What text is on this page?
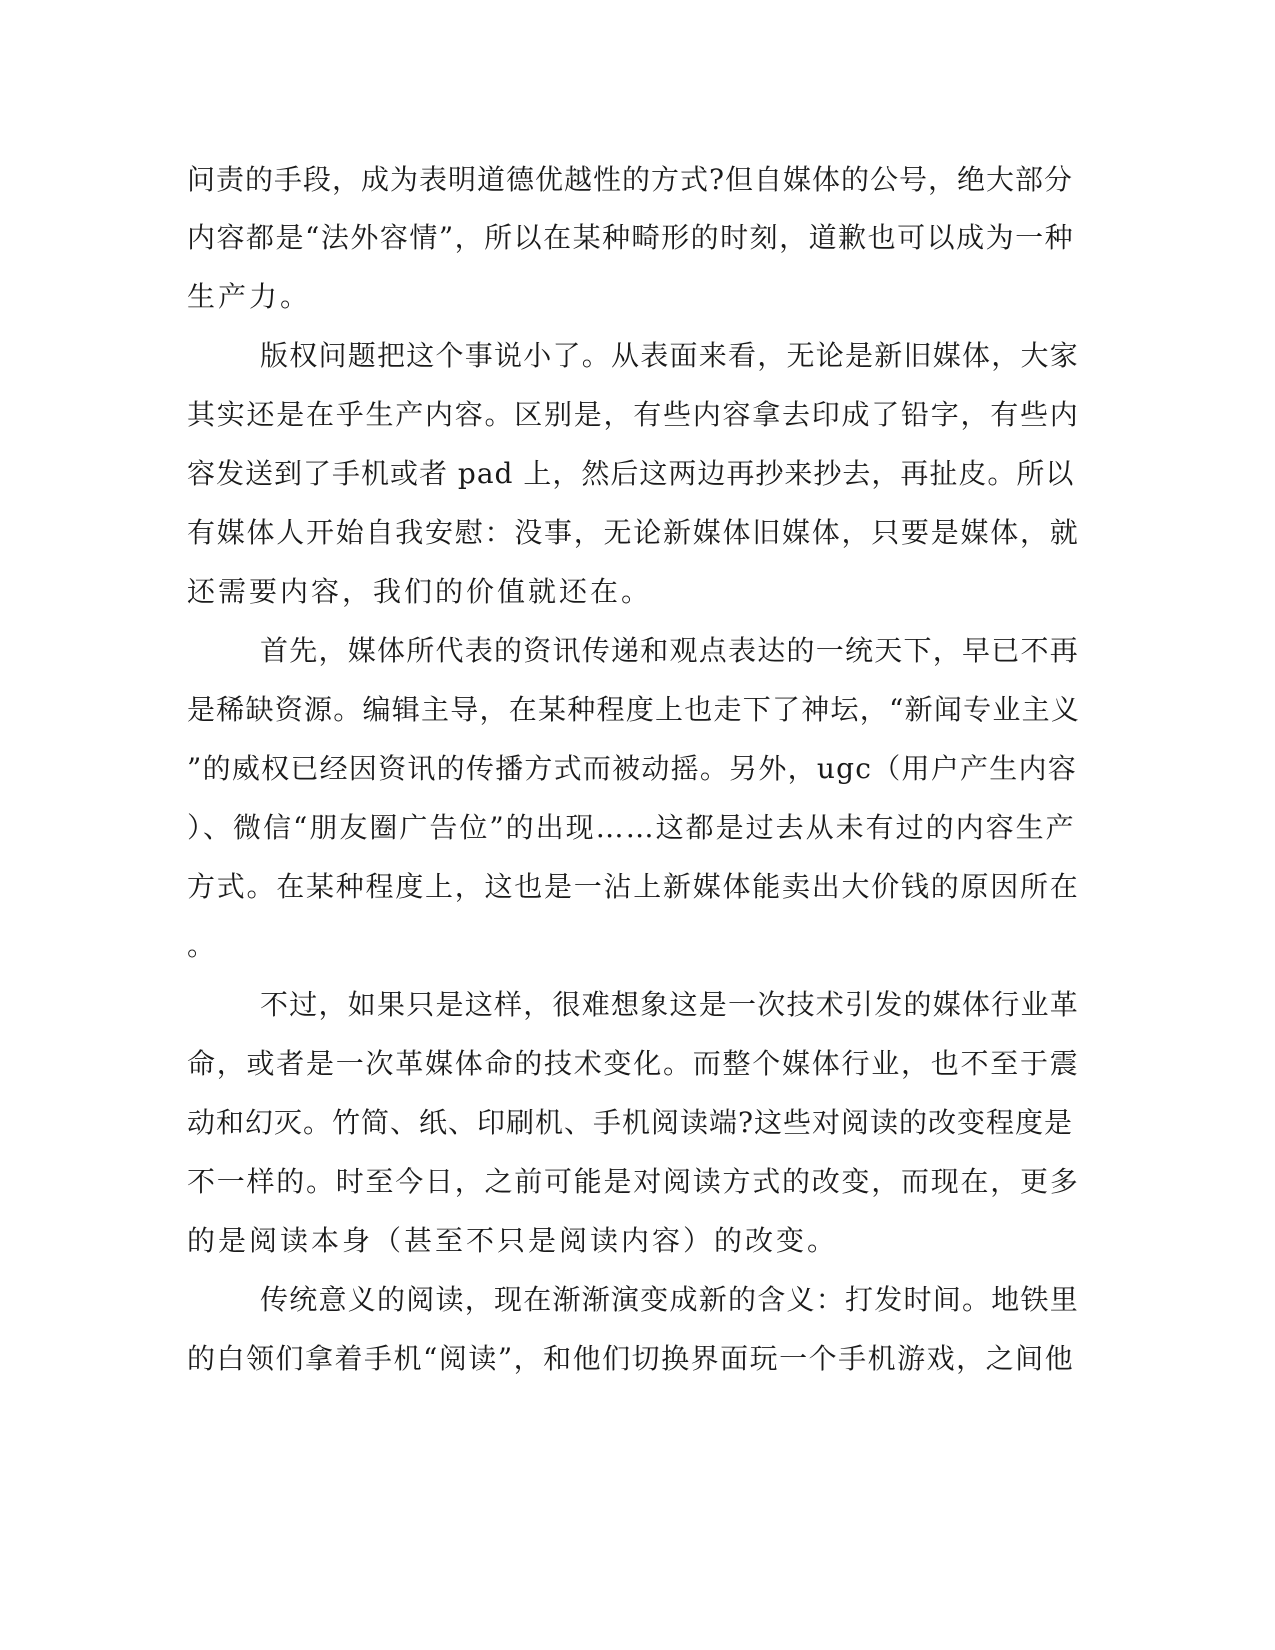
问责的手段，成为表明道德优越性的方式?但自媒体的公号，绝大部分
内容都是“法外容情”，所以在某种畸形的时刻，道歉也可以成为一种
生产力。
版权问题把这个事说小了。从表面来看，无论是新旧媒体，大家
其实还是在乎生产内容。区别是，有些内容拿去印成了铅字，有些内
容发送到了手机或者 pad 上，然后这两边再抄来抄去，再扯皮。所以
有媒体人开始自我安慰：没事，无论新媒体旧媒体，只要是媒体，就
还需要内容，我们的价值就还在。
首先，媒体所代表的资讯传递和观点表达的一统天下，早已不再
是稀缺资源。编辑主导，在某种程度上也走下了神坛，“新闻专业主义
”的威权已经因资讯的传播方式而被动摇。另外，ugc（用户产生内容
）、微信“朋友圈广告位”的出现……这都是过去从未有过的内容生产
方式。在某种程度上，这也是一沾上新媒体能卖出大价钱的原因所在
。
不过，如果只是这样，很难想象这是一次技术引发的媒体行业革
命，或者是一次革媒体命的技术变化。而整个媒体行业，也不至于震
动和幻灭。竹简、纸、印刷机、手机阅读端?这些对阅读的改变程度是
不一样的。时至今日，之前可能是对阅读方式的改变，而现在，更多
的是阅读本身（甚至不只是阅读内容）的改变。
传统意义的阅读，现在渐渐演变成新的含义：打发时间。地铁里
的白领们拿着手机“阅读”，和他们切换界面玩一个手机游戏，之间他
